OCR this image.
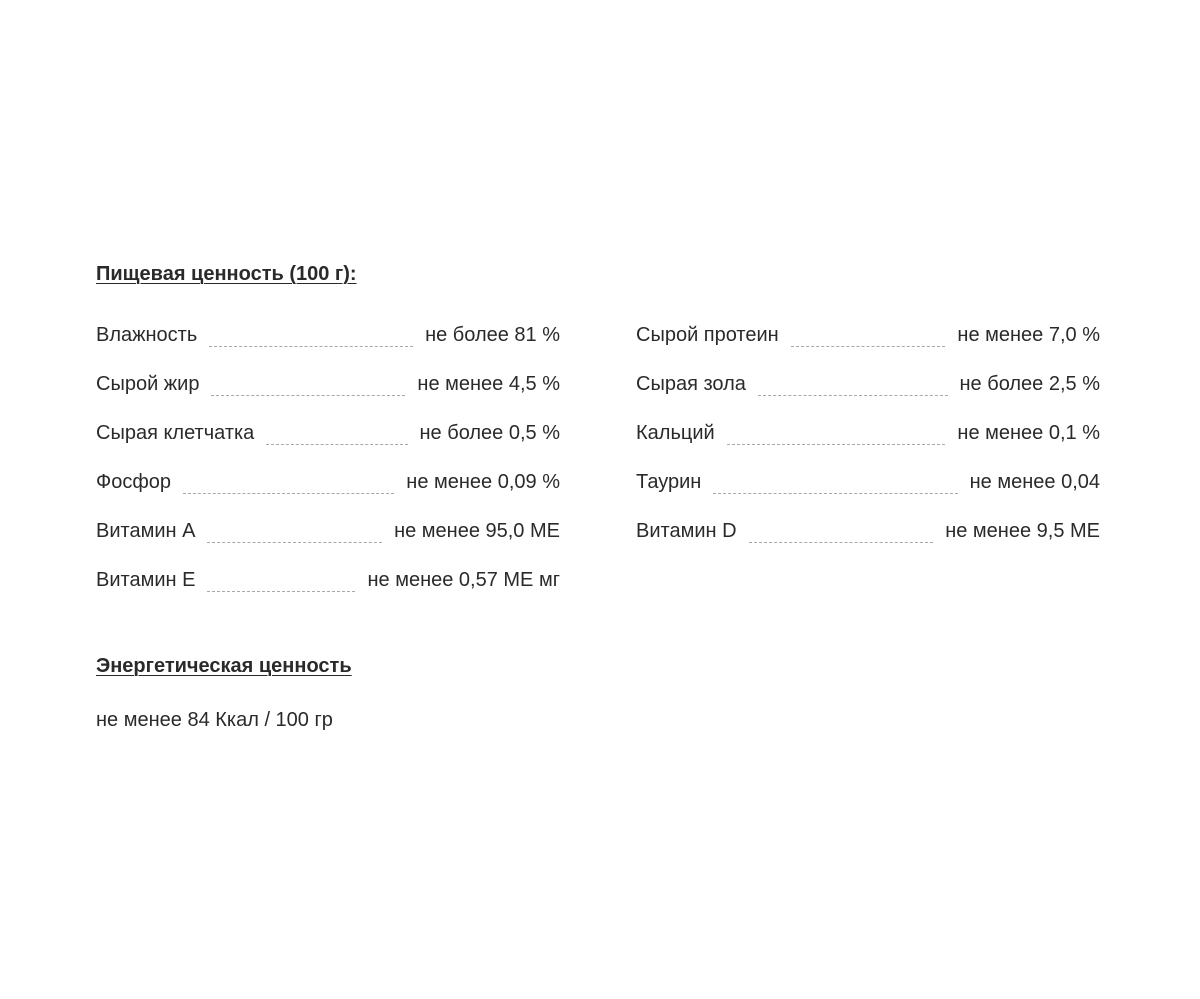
Пищевая ценность (100 г):
Влажность	не более 81 %
Сырой жир	не менее 4,5 %
Сырая клетчатка	не более 0,5 %
Фосфор	не менее 0,09 %
Витамин А	не менее 95,0 МЕ
Витамин Е	не менее 0,57 МЕ мг
Сырой протеин	не менее 7,0 %
Сырая зола	не более 2,5 %
Кальций	не менее 0,1 %
Таурин	не менее 0,04
Витамин D	не менее 9,5 МЕ
Энергетическая ценность

не менее 84 Ккал / 100 гр
